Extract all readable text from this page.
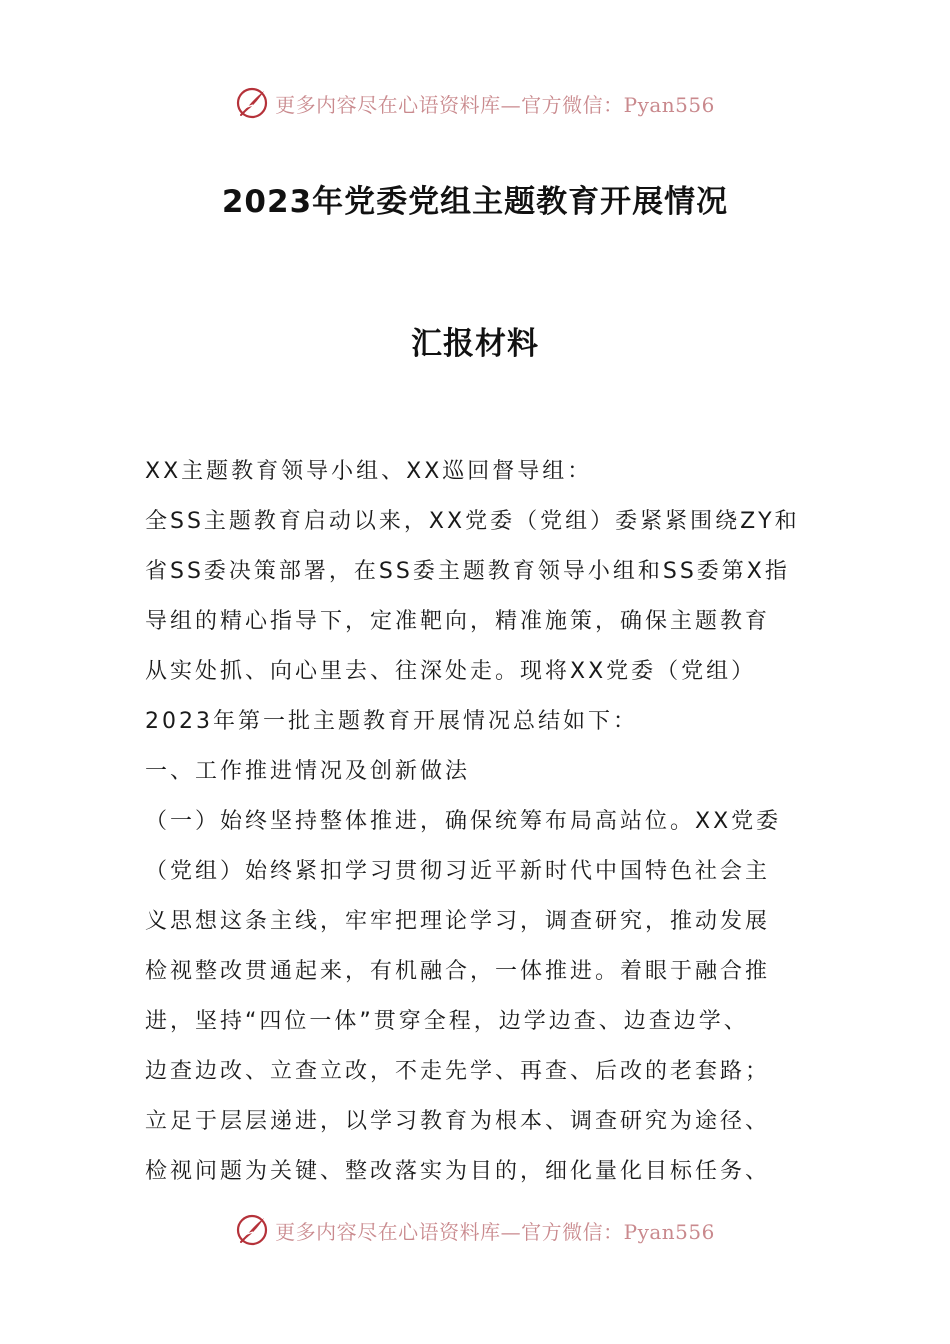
更多内容尽在心语资料库—官方微信：Pyan556
2023年党委党组主题教育开展情况
汇报材料

XX主题教育领导小组、XX巡回督导组：

全SS主题教育启动以来，XX党委（党组）委紧紧围绕ZY和

省SS委决策部署，在SS委主题教育领导小组和SS委第X指

导组的精心指导下，定准靶向，精准施策，确保主题教育

从实处抓、向心里去、往深处走。现将XX党委（党组）

2023年第一批主题教育开展情况总结如下：

一、工作推进情况及创新做法

（一）始终坚持整体推进，确保统筹布局高站位。XX党委

（党组）始终紧扣学习贯彻习近平新时代中国特色社会主

义思想这条主线，牢牢把理论学习，调查研究，推动发展

检视整改贯通起来，有机融合，一体推进。着眼于融合推

进，坚持“四位一体”贯穿全程，边学边查、边查边学、

边查边改、立查立改，不走先学、再查、后改的老套路；

立足于层层递进，以学习教育为根本、调查研究为途径、

检视问题为关键、整改落实为目的，细化量化目标任务、

更多内容尽在心语资料库—官方微信：Pyan556
